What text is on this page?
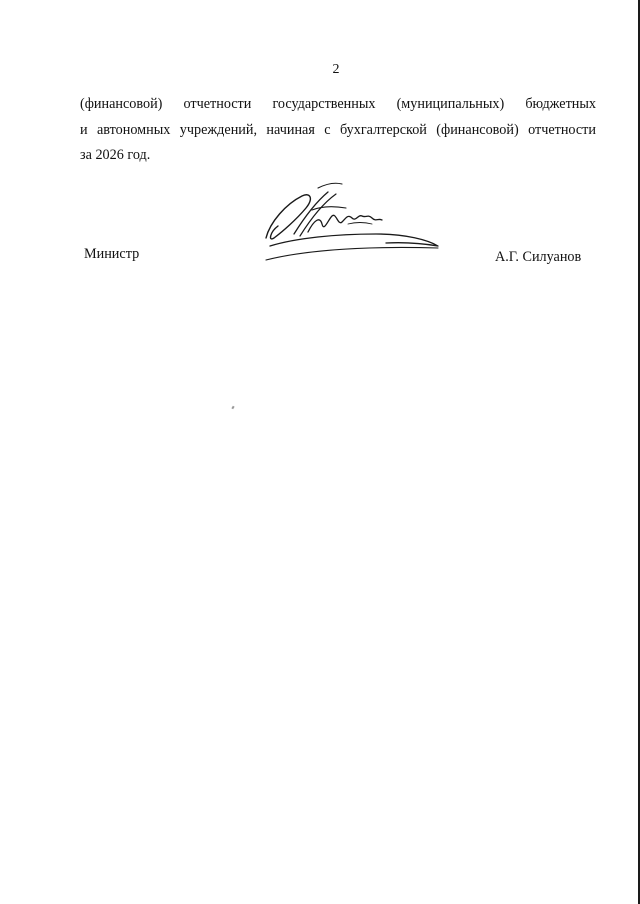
2
(финансовой) отчетности государственных (муниципальных) бюджетных
и автономных учреждений, начиная с бухгалтерской (финансовой) отчетности
за 2026 год.
Министр	А.Г. Силуанов
